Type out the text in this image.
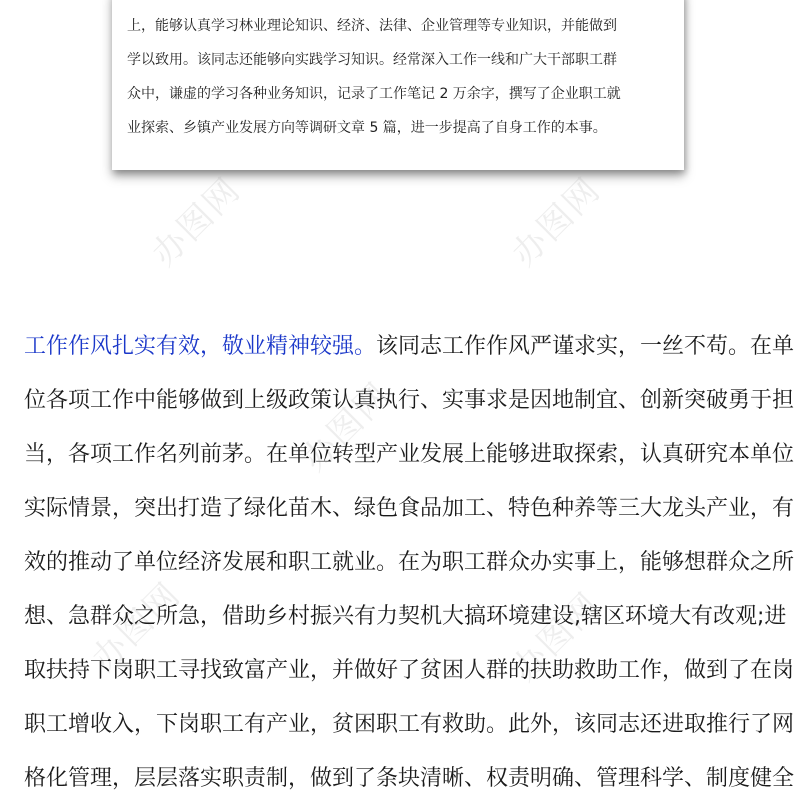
上，能够认真学习林业理论知识、经济、法律、企业管理等专业知识，并能做到
学以致用。该同志还能够向实践学习知识。经常深入工作一线和广大干部职工群
众中，谦虚的学习各种业务知识，记录了工作笔记 2 万余字，撰写了企业职工就
业探索、乡镇产业发展方向等调研文章 5 篇，进一步提高了自身工作的本事。
办图网	办图网
办图网
办图网	办图网
工作作风扎实有效，敬业精神较强。该同志工作作风严谨求实，一丝不苟。在单
位各项工作中能够做到上级政策认真执行、实事求是因地制宜、创新突破勇于担
当，各项工作名列前茅。在单位转型产业发展上能够进取探索，认真研究本单位
实际情景，突出打造了绿化苗木、绿色食品加工、特色种养等三大龙头产业，有
效的推动了单位经济发展和职工就业。在为职工群众办实事上，能够想群众之所
想、急群众之所急，借助乡村振兴有力契机大搞环境建设,辖区环境大有改观;进
取扶持下岗职工寻找致富产业，并做好了贫困人群的扶助救助工作，做到了在岗
职工增收入，下岗职工有产业，贫困职工有救助。此外，该同志还进取推行了网
格化管理，层层落实职责制，做到了条块清晰、权责明确、管理科学、制度健全
